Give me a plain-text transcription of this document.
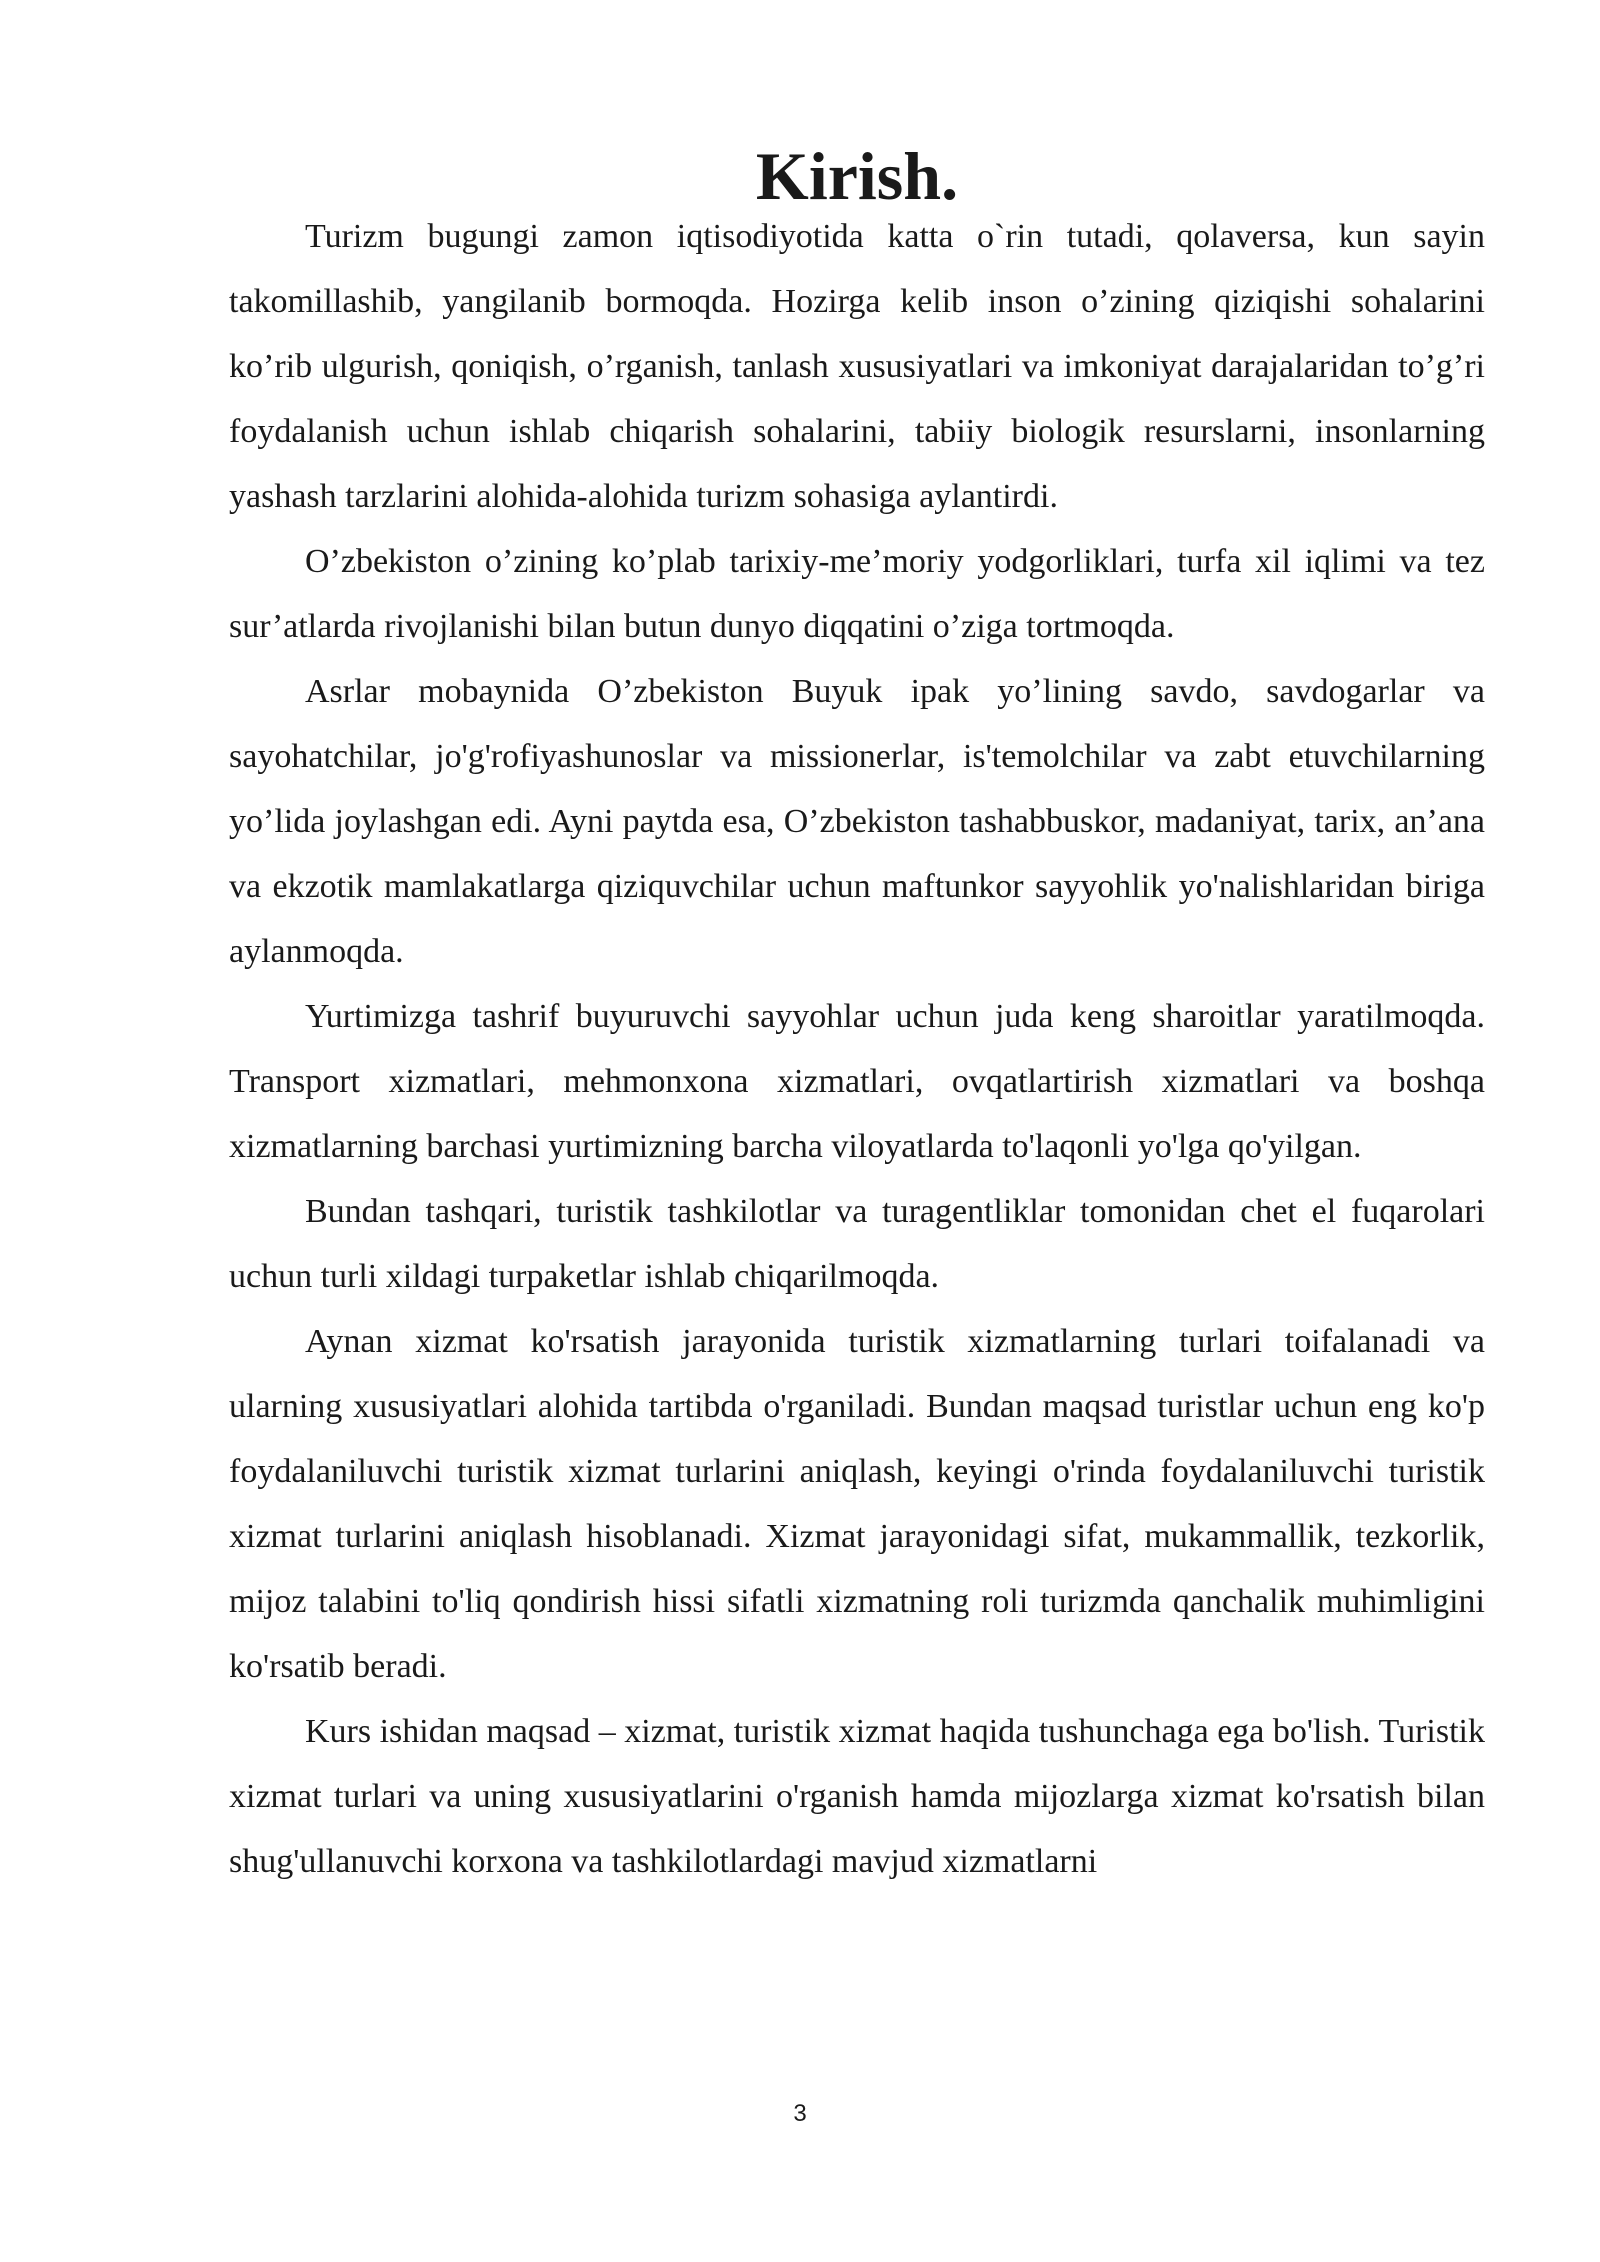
Kirish.

Turizm bugungi zamon iqtisodiyotida katta o`rin tutadi, qolaversa, kun sayin takomillashib, yangilanib bormoqda. Hozirga kelib inson o’zining qiziqishi sohalarini ko’rib ulgurish, qoniqish, o’rganish, tanlash xususiyatlari va imkoniyat darajalaridan to’g’ri foydalanish uchun ishlab chiqarish sohalarini, tabiiy biologik resurslarni, insonlarning yashash tarzlarini alohida-alohida turizm sohasiga aylantirdi.

O’zbekiston o’zining ko’plab tarixiy-me’moriy yodgorliklari, turfa xil iqlimi va tez sur’atlarda rivojlanishi bilan butun dunyo diqqatini o’ziga tortmoqda.

Asrlar mobaynida O’zbekiston Buyuk ipak yo’lining savdo, savdogarlar va sayohatchilar, jo'g'rofiyashunoslar va missionerlar, is'temolchilar va zabt etuvchilarning yo’lida joylashgan edi. Ayni paytda esa, O’zbekiston tashabbuskor, madaniyat, tarix, an’ana va ekzotik mamlakatlarga qiziquvchilar uchun maftunkor sayyohlik yo'nalishlaridan biriga aylanmoqda.

Yurtimizga tashrif buyuruvchi sayyohlar uchun juda keng sharoitlar yaratilmoqda. Transport xizmatlari, mehmonxona xizmatlari, ovqatlartirish xizmatlari va boshqa xizmatlarning barchasi yurtimizning barcha viloyatlarda to'laqonli yo'lga qo'yilgan.

Bundan tashqari, turistik tashkilotlar va turagentliklar tomonidan chet el fuqarolari uchun turli xildagi turpaketlar ishlab chiqarilmoqda.

Aynan xizmat ko'rsatish jarayonida turistik xizmatlarning turlari toifalanadi va ularning xususiyatlari alohida tartibda o'rganiladi. Bundan maqsad turistlar uchun eng ko'p foydalaniluvchi turistik xizmat turlarini aniqlash, keyingi o'rinda foydalaniluvchi turistik xizmat turlarini aniqlash hisoblanadi. Xizmat jarayonidagi sifat, mukammallik, tezkorlik, mijoz talabini to'liq qondirish hissi sifatli xizmatning roli turizmda qanchalik muhimligini ko'rsatib beradi.

Kurs ishidan maqsad – xizmat, turistik xizmat haqida tushunchaga ega bo'lish. Turistik xizmat turlari va uning xususiyatlarini o'rganish hamda mijozlarga xizmat ko'rsatish bilan shug'ullanuvchi korxona va tashkilotlardagi mavjud xizmatlarni

3
